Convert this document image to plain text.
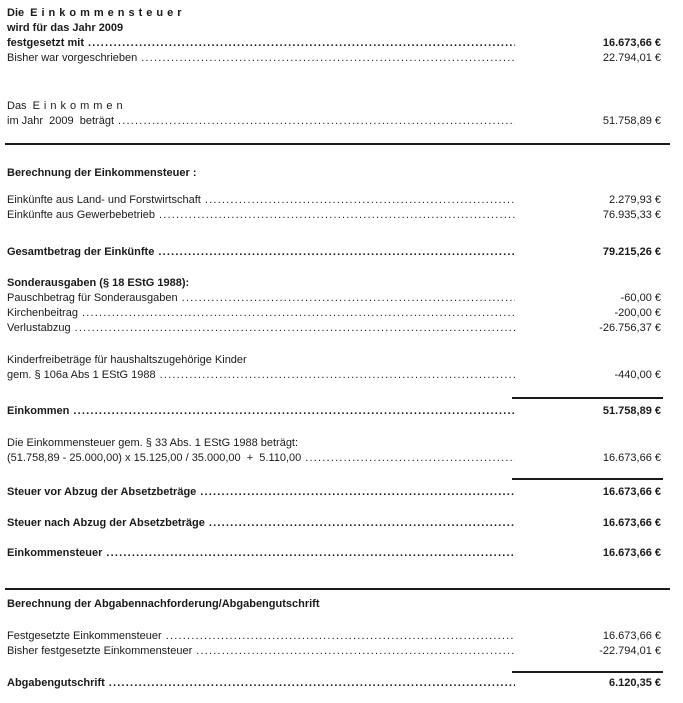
Die Einkommensteuer
wird für das Jahr 2009
festgesetzt mit .....	16.673,66 €
Bisher war vorgeschrieben .....	22.794,01 €
Das Einkommen
im Jahr  2009  beträgt .....	51.758,89 €
Berechnung der Einkommensteuer :
Einkünfte aus Land- und Forstwirtschaft .....	2.279,93 €
Einkünfte aus Gewerbebetrieb .....	76.935,33 €
Gesamtbetrag der Einkünfte .....	79.215,26 €
Sonderausgaben (§ 18 EStG 1988):
Pauschbetrag für Sonderausgaben .....	-60,00 €
Kirchenbeitrag .....	-200,00 €
Verlustabzug .....	-26.756,37 €
Kinderfreibeträge für haushaltszugehörige Kinder
gem. § 106a Abs 1 EStG 1988 .....	-440,00 €
Einkommen .....	51.758,89 €
Die Einkommensteuer gem. § 33 Abs. 1 EStG 1988 beträgt:
(51.758,89 - 25.000,00) x 15.125,00 / 35.000,00  +  5.110,00 .....	16.673,66 €
Steuer vor Abzug der Absetzbeträge .....	16.673,66 €
Steuer nach Abzug der Absetzbeträge .....	16.673,66 €
Einkommensteuer .....	16.673,66 €
Berechnung der Abgabennachforderung/Abgabengutschrift
Festgesetzte Einkommensteuer .....	16.673,66 €
Bisher festgesetzte Einkommensteuer .....	-22.794,01 €
Abgabengutschrift .....	6.120,35 €
